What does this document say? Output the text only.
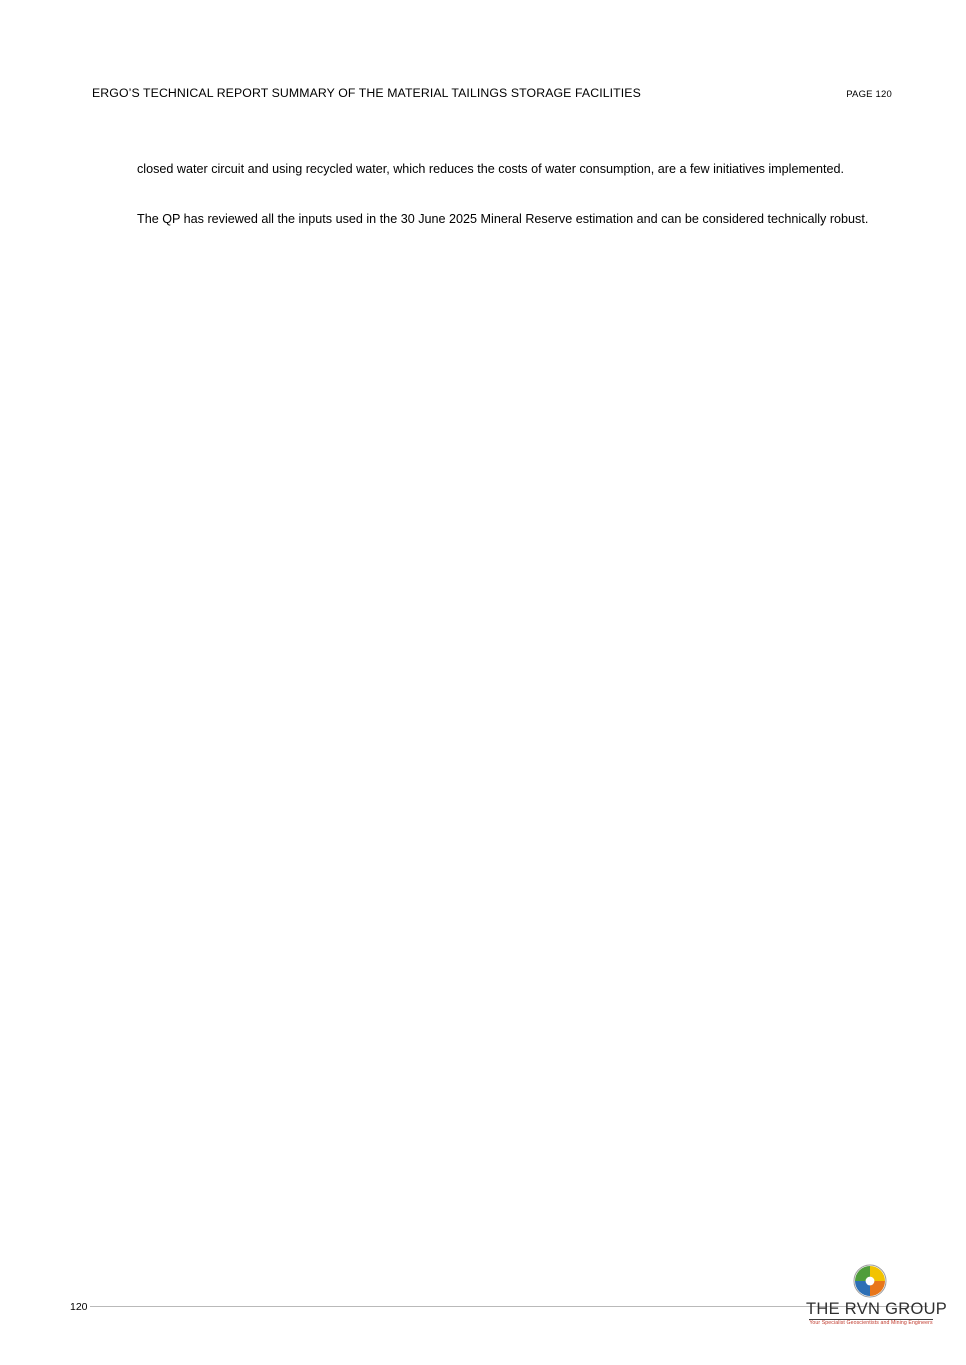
ERGO’S TECHNICAL REPORT SUMMARY OF THE MATERIAL TAILINGS STORAGE FACILITIES	PAGE 120

closed water circuit and using recycled water, which reduces the costs of water consumption, are a few initiatives implemented.

The QP has reviewed all the inputs used in the 30 June 2025 Mineral Reserve estimation and can be considered technically robust.

120	THE RVN GROUP
Your Specialist Geoscientists and Mining Engineers
